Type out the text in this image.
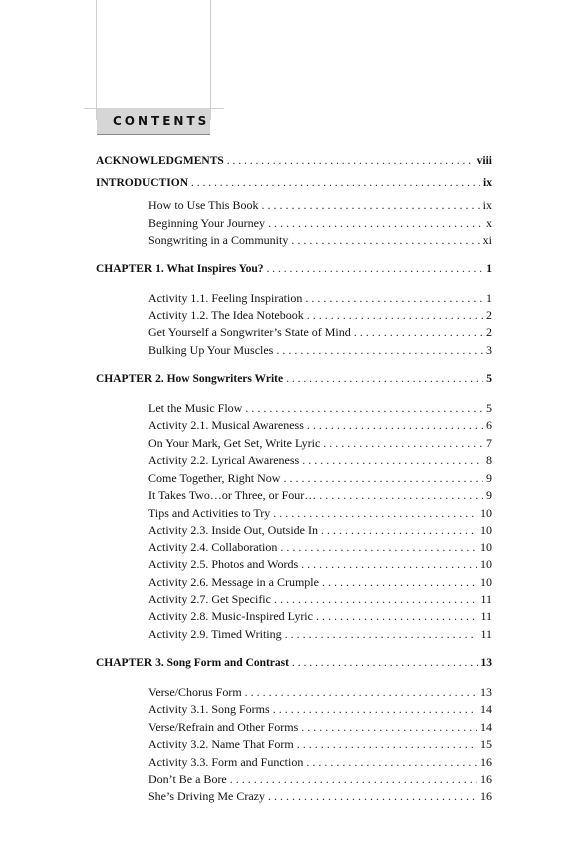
CONTENTS
ACKNOWLEDGMENTS . . .	viii
INTRODUCTION . . .	ix
How to Use This Book . . .	ix
Beginning Your Journey . . .	x
Songwriting in a Community . . .	xi
CHAPTER 1. What Inspires You? . . .	1
Activity 1.1. Feeling Inspiration . . .	1
Activity 1.2. The Idea Notebook . . .	2
Get Yourself a Songwriter’s State of Mind . . .	2
Bulking Up Your Muscles . . .	3
CHAPTER 2. How Songwriters Write . . .	5
Let the Music Flow . . .	5
Activity 2.1. Musical Awareness . . .	6
On Your Mark, Get Set, Write Lyric . . .	7
Activity 2.2. Lyrical Awareness . . .	8
Come Together, Right Now . . .	9
It Takes Two…or Three, or Four… . . .	9
Tips and Activities to Try . . .	10
Activity 2.3. Inside Out, Outside In . . .	10
Activity 2.4. Collaboration . . .	10
Activity 2.5. Photos and Words . . .	10
Activity 2.6. Message in a Crumple . . .	10
Activity 2.7. Get Specific . . .	11
Activity 2.8. Music-Inspired Lyric . . .	11
Activity 2.9. Timed Writing . . .	11
CHAPTER 3. Song Form and Contrast . . .	13
Verse/Chorus Form . . .	13
Activity 3.1. Song Forms . . .	14
Verse/Refrain and Other Forms . . .	14
Activity 3.2. Name That Form . . .	15
Activity 3.3. Form and Function . . .	16
Don’t Be a Bore . . .	16
She’s Driving Me Crazy . . .	16
